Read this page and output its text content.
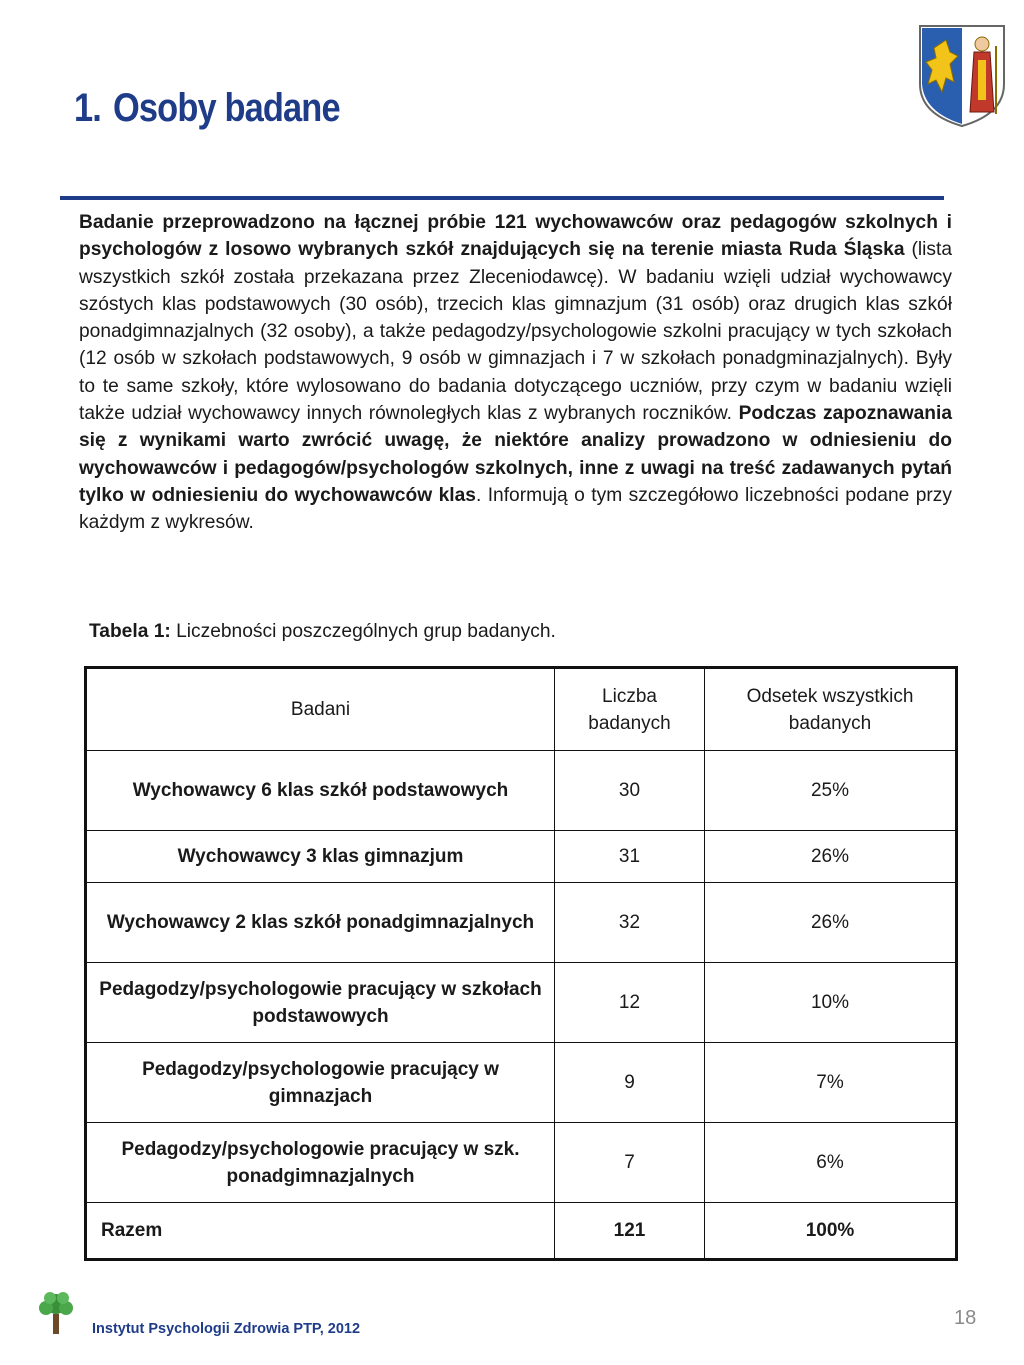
1. Osoby badane

Badanie przeprowadzono na łącznej próbie 121 wychowawców oraz pedagogów szkolnych i psychologów z losowo wybranych szkół znajdujących się na terenie miasta Ruda Śląska (lista wszystkich szkół została przekazana przez Zleceniodawcę). W badaniu wzięli udział wychowawcy szóstych klas podstawowych (30 osób), trzecich klas gimnazjum (31 osób) oraz drugich klas szkół ponadgimnazjalnych (32 osoby), a także pedagodzy/psychologowie szkolni pracujący w tych szkołach (12 osób w szkołach podstawowych, 9 osób w gimnazjach i 7 w szkołach ponadgminazjalnych). Były to te same szkoły, które wylosowano do badania dotyczącego uczniów, przy czym w badaniu wzięli także udział wychowawcy innych równoległych klas z wybranych roczników. Podczas zapoznawania się z wynikami warto zwrócić uwagę, że niektóre analizy prowadzono w odniesieniu do wychowawców i pedagogów/psychologów szkolnych, inne z uwagi na treść zadawanych pytań tylko w odniesieniu do wychowawców klas. Informują o tym szczegółowo liczebności podane przy każdym z wykresów.

Tabela 1: Liczebności poszczególnych grup badanych.

Badani	Liczba badanych	Odsetek wszystkich badanych
Wychowawcy 6 klas szkół podstawowych	30	25%
Wychowawcy 3 klas gimnazjum	31	26%
Wychowawcy 2 klas szkół ponadgimnazjalnych	32	26%
Pedagodzy/psychologowie pracujący w szkołach podstawowych	12	10%
Pedagodzy/psychologowie pracujący w gimnazjach	9	7%
Pedagodzy/psychologowie pracujący w szk. ponadgimnazjalnych	7	6%
Razem	121	100%

Instytut Psychologii Zdrowia PTP, 2012	18
